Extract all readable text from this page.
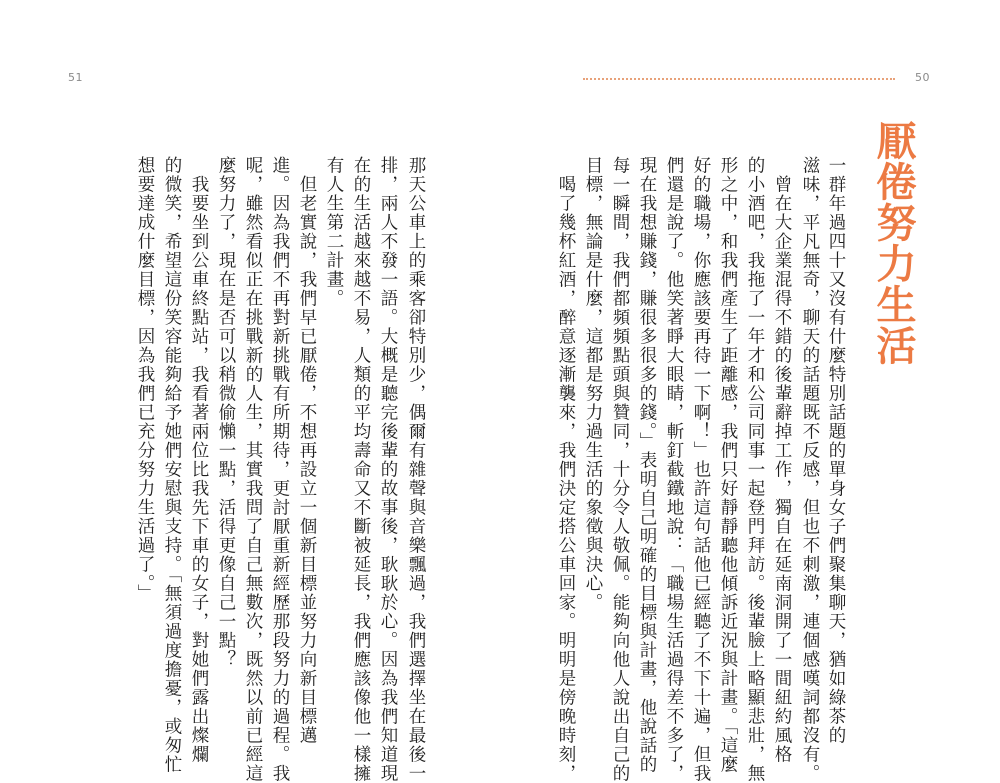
51	50
厭倦努力生活
一群年過四十又沒有什麼特別話題的單身女子們聚集聊天，猶如綠茶的
滋味，平凡無奇，聊天的話題既不反感，但也不刺激，連個感嘆詞都沒有。
曾在大企業混得不錯的後輩辭掉工作，獨自在延南洞開了一間紐約風格
的小酒吧，我拖了一年才和公司同事一起登門拜訪。後輩臉上略顯悲壯，無
形之中，和我們產生了距離感，我們只好靜靜聽他傾訴近況與計畫。「這麼
好的職場，你應該要再待一下啊！」也許這句話他已經聽了不下十遍，但我
們還是說了。他笑著睜大眼睛，斬釘截鐵地說：「職場生活過得差不多了，
現在我想賺錢，賺很多很多的錢。」表明自己明確的目標與計畫，他說話的
每一瞬間，我們都頻頻點頭與贊同，十分令人敬佩。能夠向他人說出自己的
目標，無論是什麼，這都是努力過生活的象徵與決心。
喝了幾杯紅酒，醉意逐漸襲來，我們決定搭公車回家。明明是傍晚時刻，
那天公車上的乘客卻特別少，偶爾有雜聲與音樂飄過，我們選擇坐在最後一
排，兩人不發一語。大概是聽完後輩的故事後，耿耿於心。因為我們知道現
在的生活越來越不易，人類的平均壽命又不斷被延長，我們應該像他一樣擁
有人生第二計畫。
但老實說，我們早已厭倦，不想再設立一個新目標並努力向新目標邁
進。因為我們不再對新挑戰有所期待，更討厭重新經歷那段努力的過程。我
呢，雖然看似正在挑戰新的人生，其實我問了自己無數次，既然以前已經這
麼努力了，現在是否可以稍微偷懶一點，活得更像自己一點？
我要坐到公車終點站，我看著兩位比我先下車的女子，對她們露出燦爛
的微笑，希望這份笑容能夠給予她們安慰與支持。「無須過度擔憂，或匆忙
想要達成什麼目標，因為我們已充分努力生活過了。」
